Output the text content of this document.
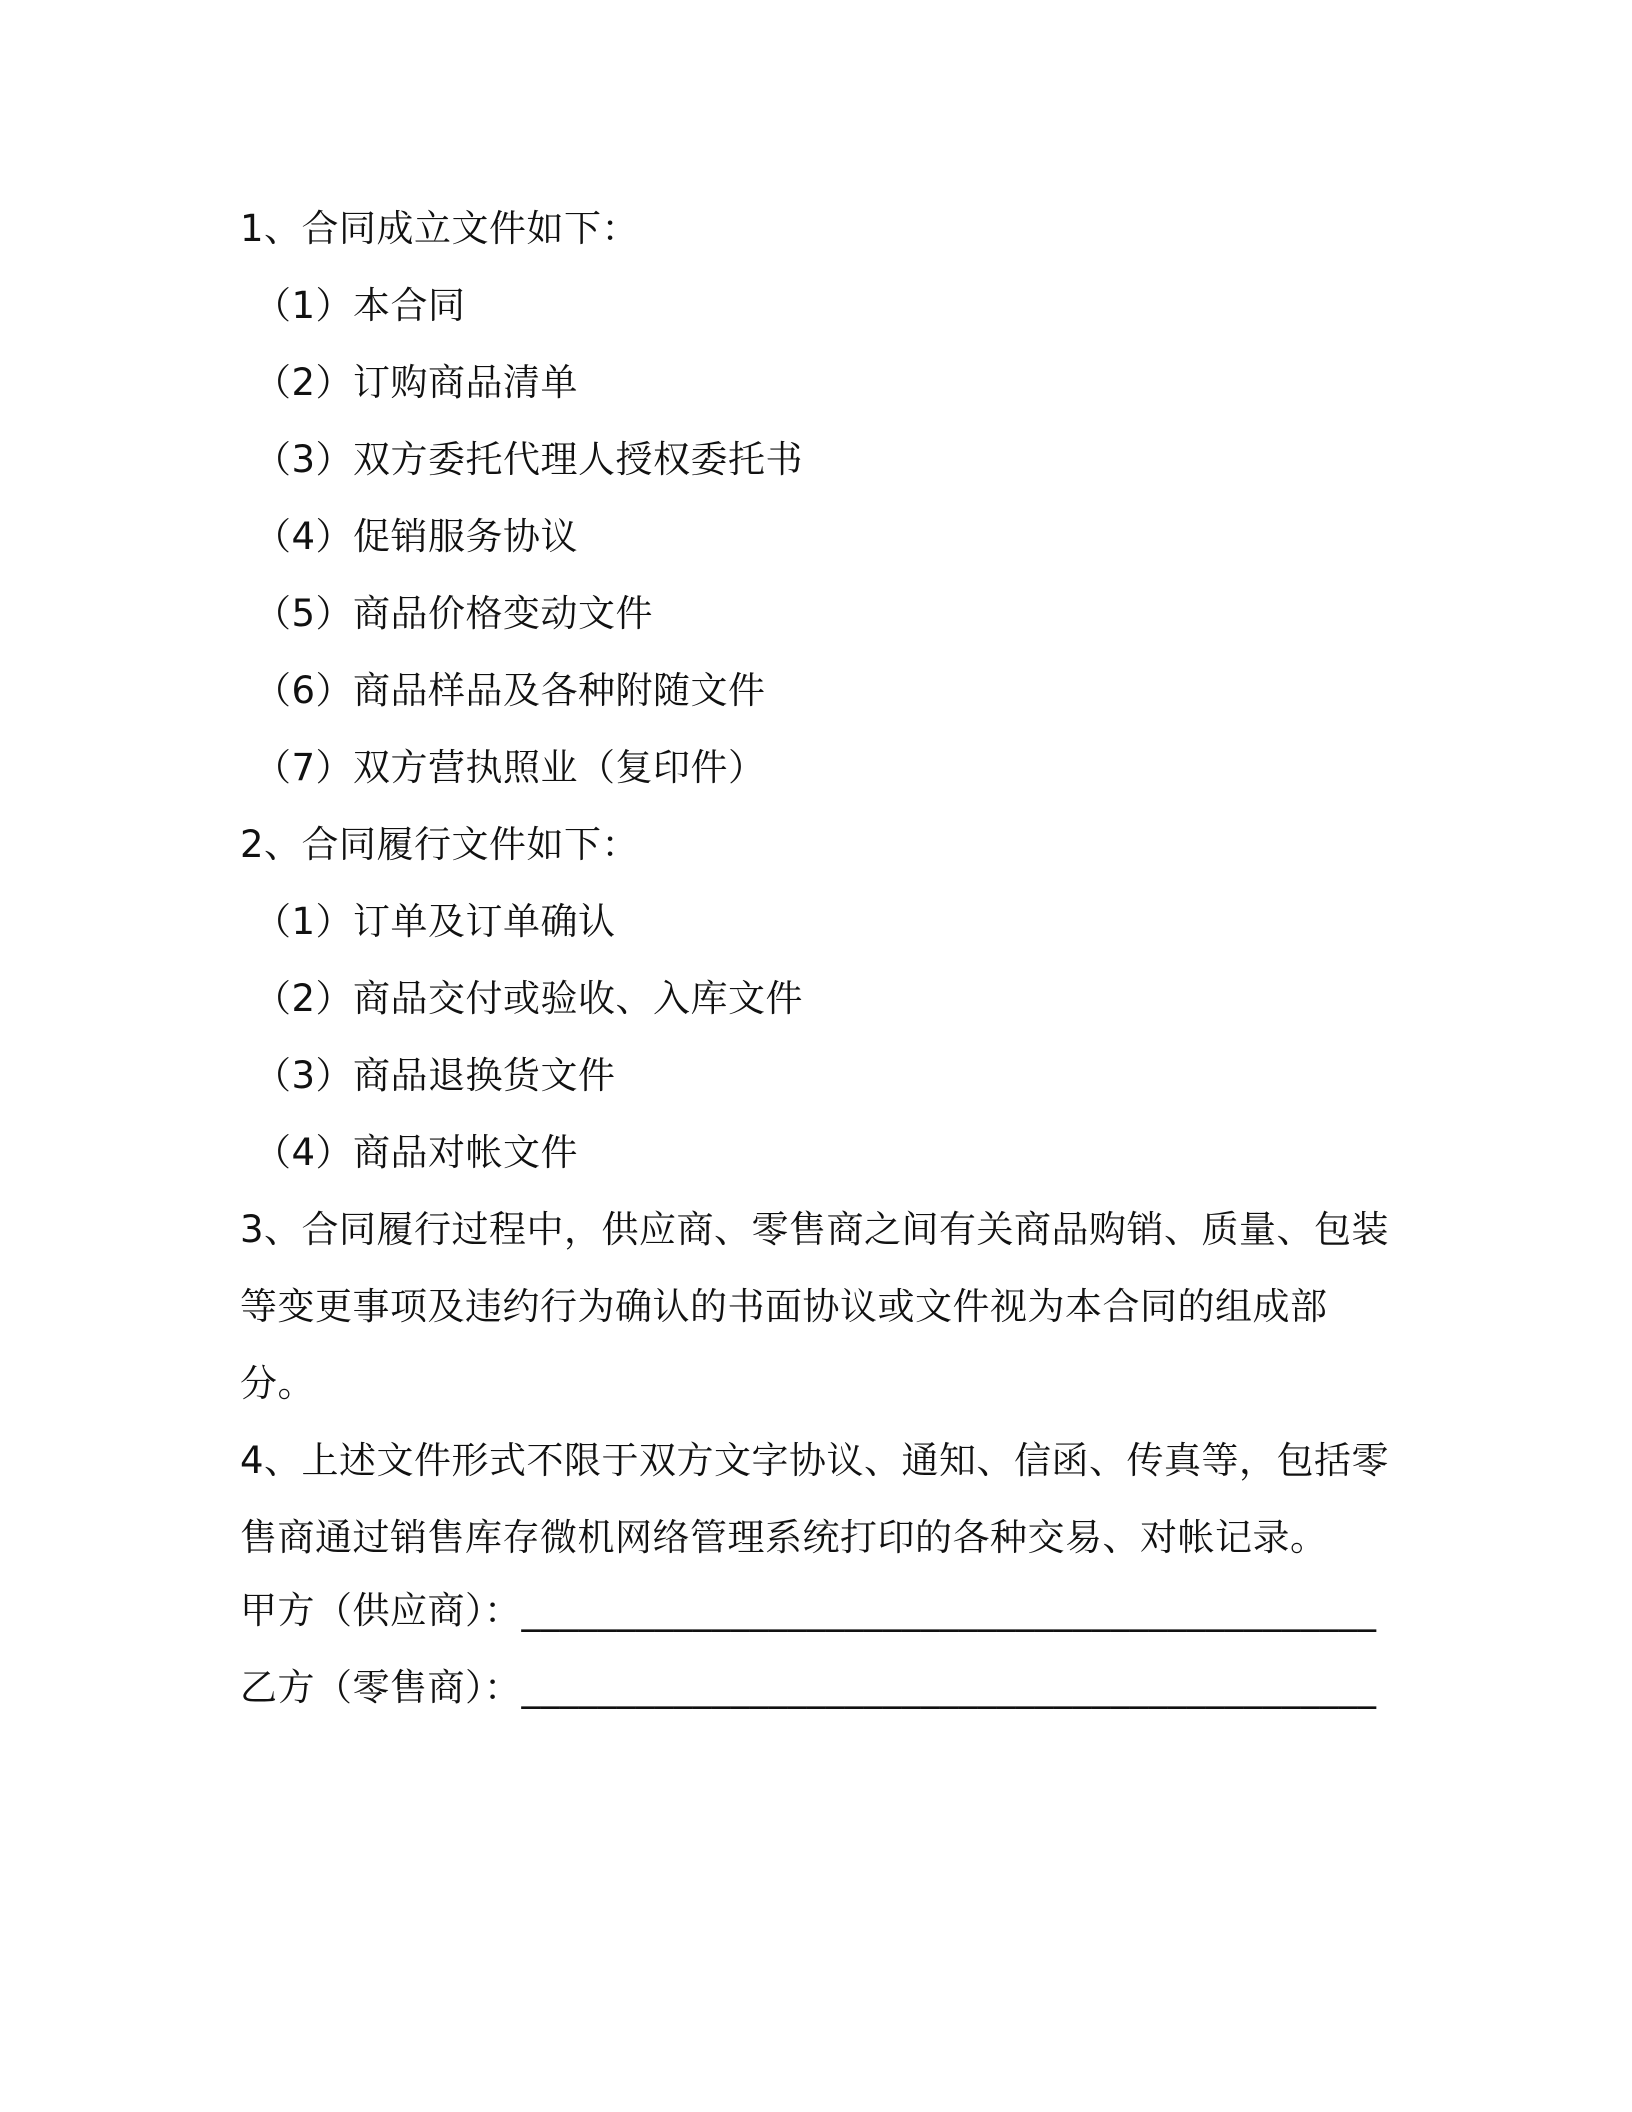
1、合同成立文件如下：
（1）本合同
（2）订购商品清单
（3）双方委托代理人授权委托书
（4）促销服务协议
（5）商品价格变动文件
（6）商品样品及各种附随文件
（7）双方营执照业（复印件）
2、合同履行文件如下：
（1）订单及订单确认
（2）商品交付或验收、入库文件
（3）商品退换货文件
（4）商品对帐文件
3、合同履行过程中，供应商、零售商之间有关商品购销、质量、包装等变更事项及违约行为确认的书面协议或文件视为本合同的组成部分。
4、上述文件形式不限于双方文字协议、通知、信函、传真等，包括零售商通过销售库存微机网络管理系统打印的各种交易、对帐记录。
甲方（供应商）：_____________________________________________
乙方（零售商）：_____________________________________________
